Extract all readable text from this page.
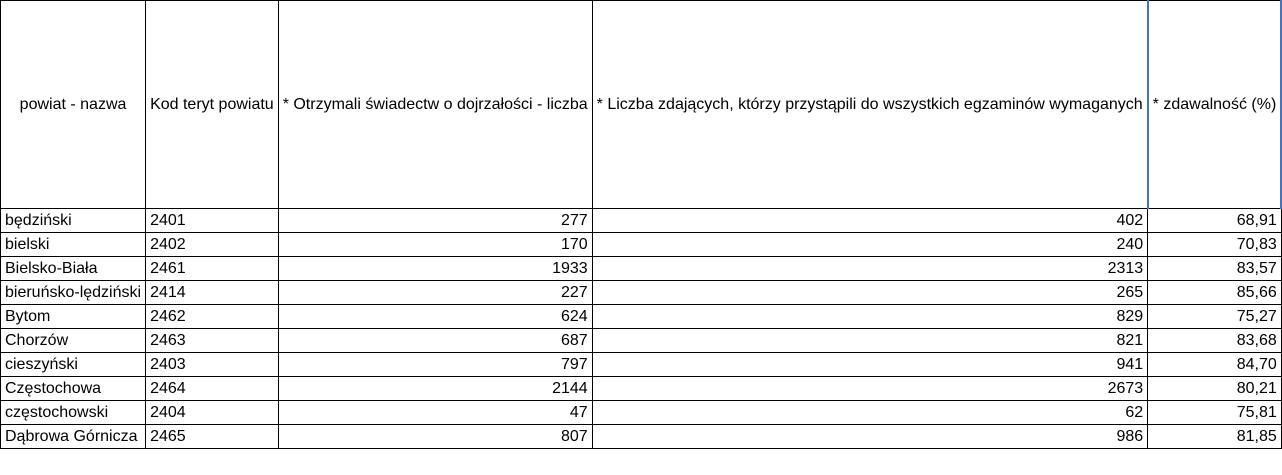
powiat - nazwa	Kod teryt powiatu	* Otrzymali świadectw o dojrzałości - liczba	* Liczba zdających, którzy przystąpili do wszystkich egzaminów wymaganych	* zdawalność (%)
będziński	2401	277	402	68,91
bielski	2402	170	240	70,83
Bielsko-Biała	2461	1933	2313	83,57
bieruńsko-lędziński	2414	227	265	85,66
Bytom	2462	624	829	75,27
Chorzów	2463	687	821	83,68
cieszyński	2403	797	941	84,70
Częstochowa	2464	2144	2673	80,21
częstochowski	2404	47	62	75,81
Dąbrowa Górnicza	2465	807	986	81,85
